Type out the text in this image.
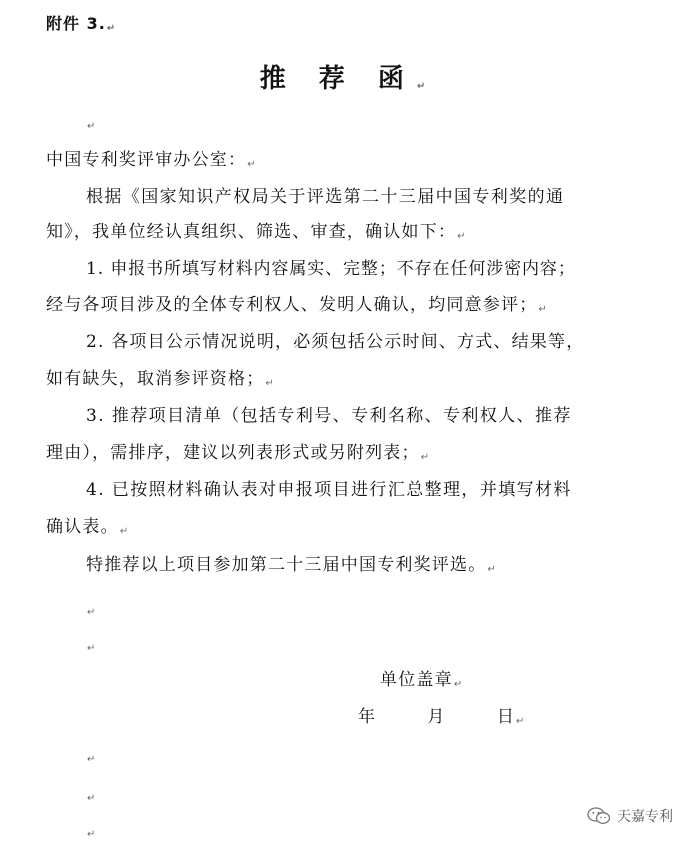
附件 3.↵
推 荐 函↵
↵
中国专利奖评审办公室：↵
根据《国家知识产权局关于评选第二十三届中国专利奖的通
知》，我单位经认真组织、筛选、审查，确认如下：↵
1. 申报书所填写材料内容属实、完整；不存在任何涉密内容；
经与各项目涉及的全体专利权人、发明人确认，均同意参评；↵
2. 各项目公示情况说明，必须包括公示时间、方式、结果等，
如有缺失，取消参评资格；↵
3. 推荐项目清单（包括专利号、专利名称、专利权人、推荐
理由），需排序，建议以列表形式或另附列表；↵
4. 已按照材料确认表对申报项目进行汇总整理，并填写材料
确认表。↵
特推荐以上项目参加第二十三届中国专利奖评选。↵
↵
↵
单位盖章↵
年	月	日↵
↵
↵
↵
天嘉专利
